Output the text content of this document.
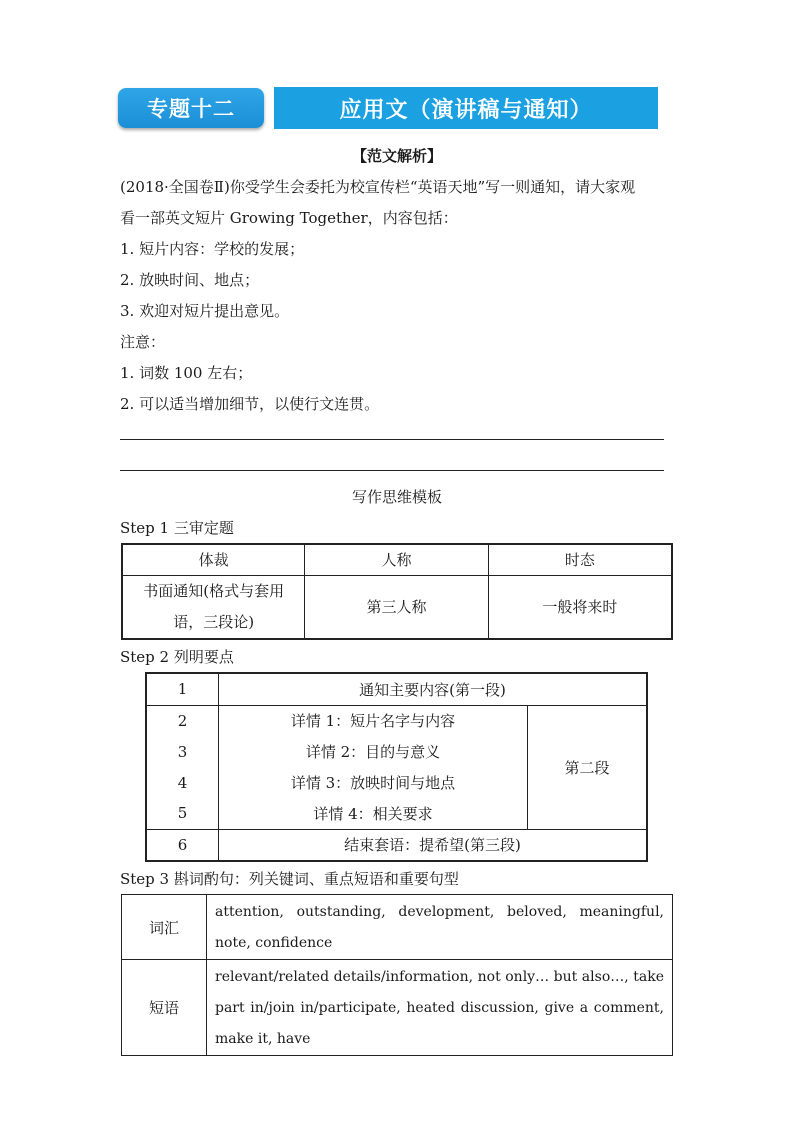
专题十二	应用文（演讲稿与通知）
【范文解析】
(2018·全国卷Ⅱ)你受学生会委托为校宣传栏“英语天地”写一则通知，请大家观
看一部英文短片 Growing Together，内容包括：
1. 短片内容：学校的发展；
2. 放映时间、地点；
3. 欢迎对短片提出意见。
注意：
1. 词数 100 左右；
2. 可以适当增加细节，以使行文连贯。
写作思维模板
Step 1 三审定题
体裁	人称	时态

书面通知(格式与套用
语，三段论)	第三人称	一般将来时
Step 2 列明要点
1	通知主要内容(第一段)	
2	详情 1：短片名字与内容	第二段
3	详情 2：目的与意义	
4	详情 3：放映时间与地点	
5	详情 4：相关要求	
6	结束套语：提希望(第三段)	
Step 3 斟词酌句：列关键词、重点短语和重要句型
词汇	attention, outstanding, development, beloved, meaningful, note, confidence
短语	relevant/related details/information, not only… but also…, take part in/join in/participate, heated discussion, give a comment, make it, have
